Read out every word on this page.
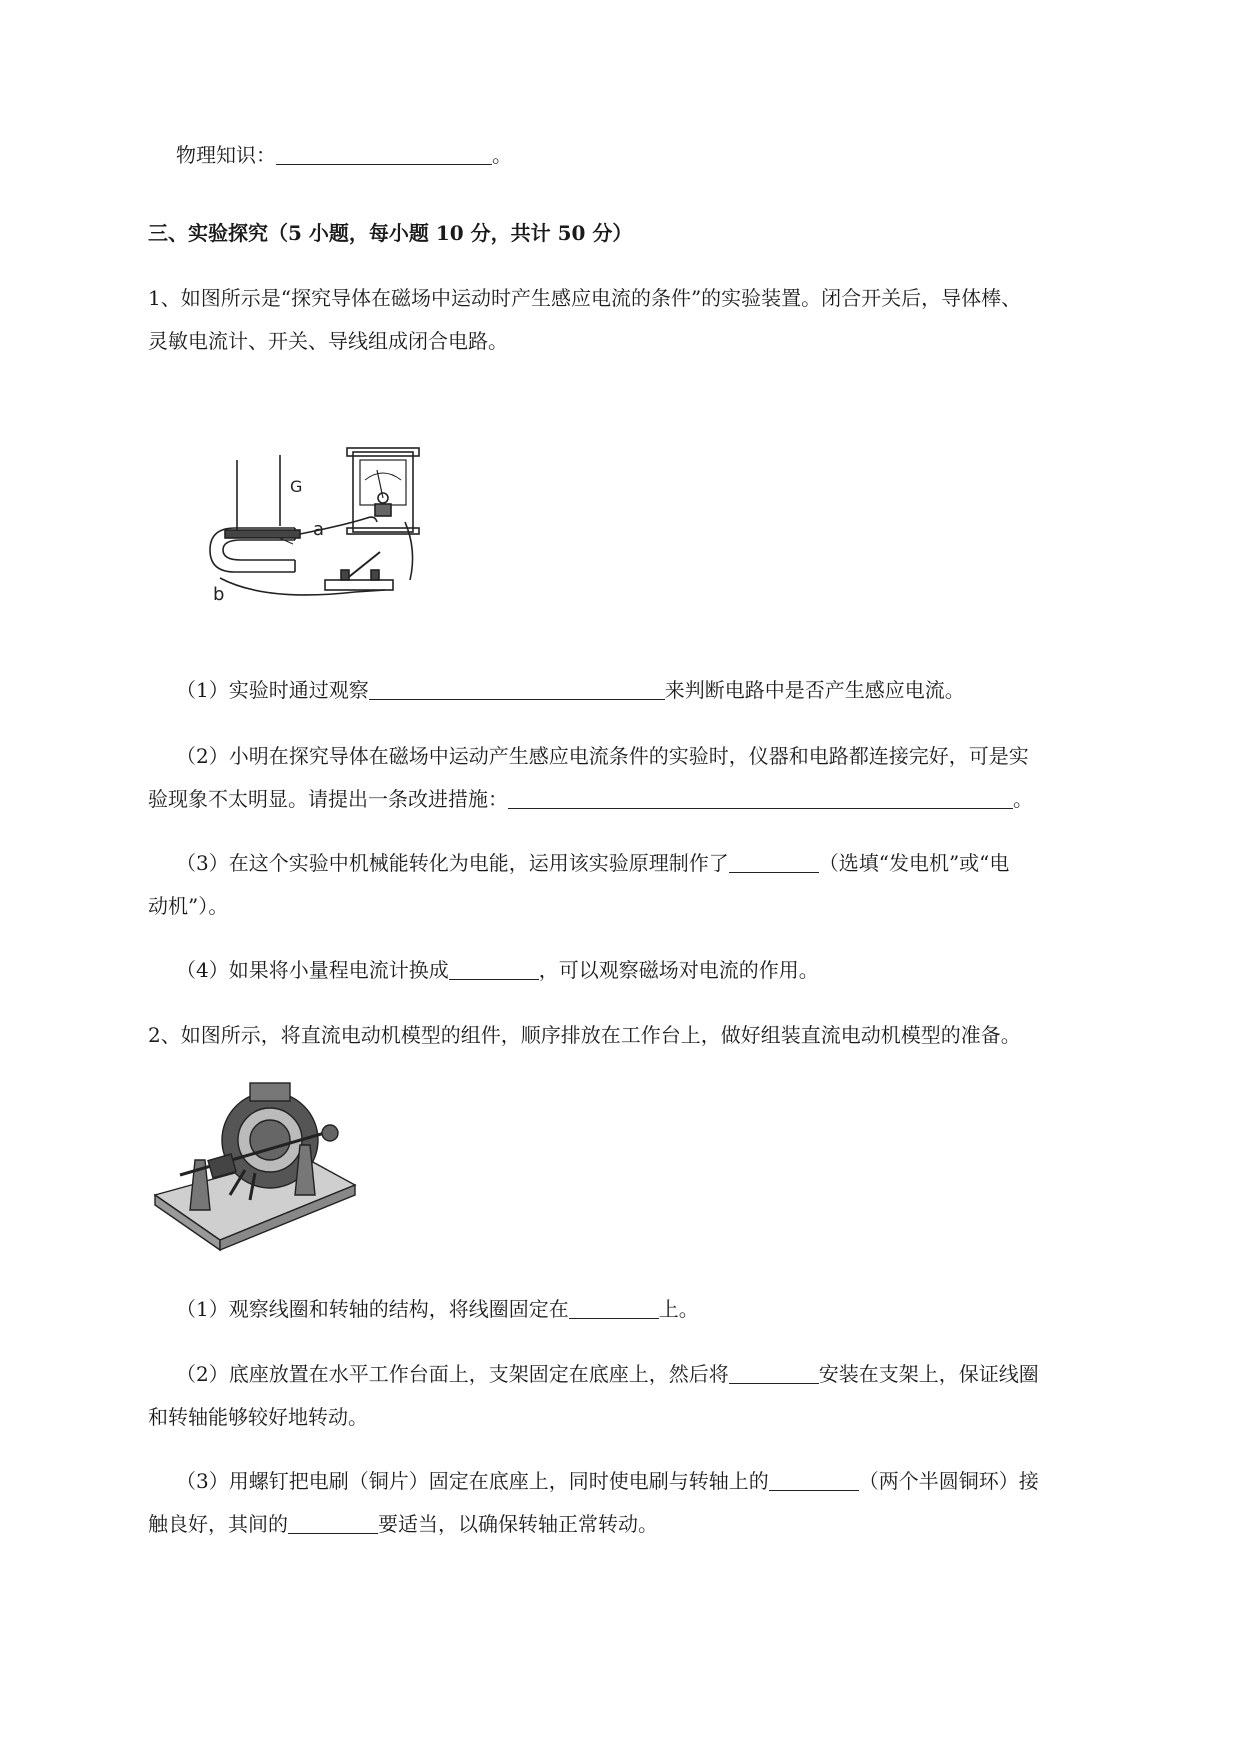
物理知识：	。
三、实验探究（5 小题，每小题 10 分，共计 50 分）
1、如图所示是“探究导体在磁场中运动时产生感应电流的条件”的实验装置。闭合开关后，导体棒、
灵敏电流计、开关、导线组成闭合电路。
G
a
b
（1）实验时通过观察	来判断电路中是否产生感应电流。
（2）小明在探究导体在磁场中运动产生感应电流条件的实验时，仪器和电路都连接完好，可是实
验现象不太明显。请提出一条改进措施：	。
（3）在这个实验中机械能转化为电能，运用该实验原理制作了	（选填“发电机”或“电
动机”）。
（4）如果将小量程电流计换成	，可以观察磁场对电流的作用。
2、如图所示，将直流电动机模型的组件，顺序排放在工作台上，做好组装直流电动机模型的准备。
（1）观察线圈和转轴的结构，将线圈固定在	上。
（2）底座放置在水平工作台面上，支架固定在底座上，然后将	安装在支架上，保证线圈
和转轴能够较好地转动。
（3）用螺钉把电刷（铜片）固定在底座上，同时使电刷与转轴上的	（两个半圆铜环）接
触良好，其间的	要适当，以确保转轴正常转动。
